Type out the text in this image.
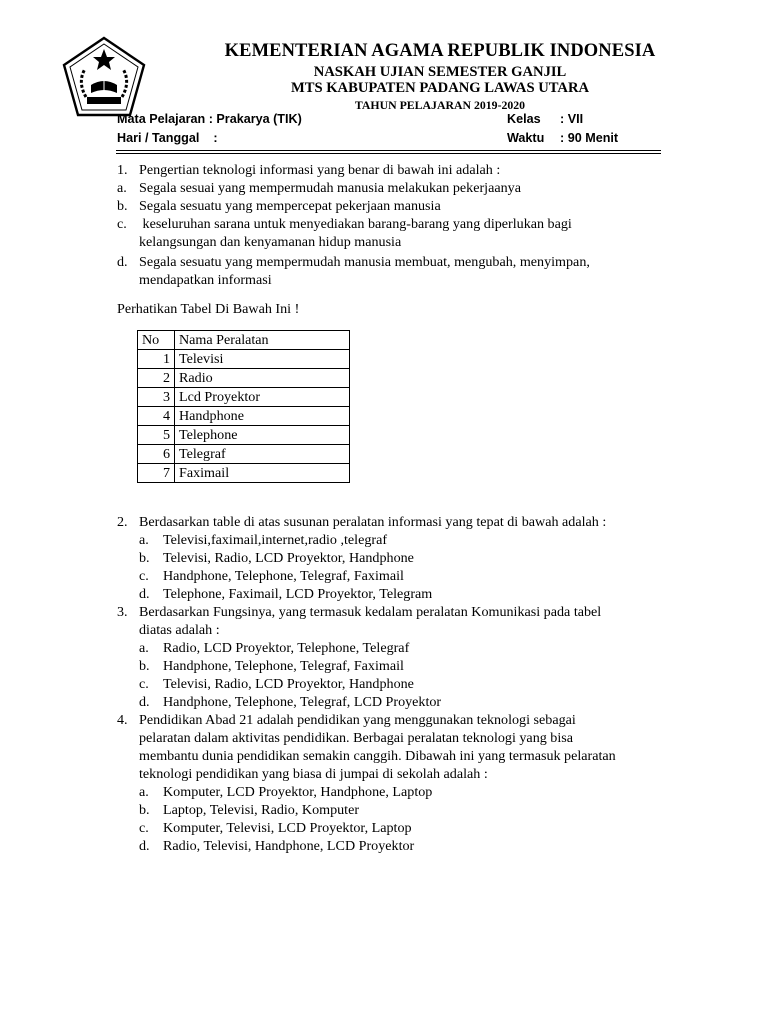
KEMENTERIAN AGAMA REPUBLIK INDONESIA
NASKAH UJIAN SEMESTER GANJIL
MTS KABUPATEN PADANG LAWAS UTARA
TAHUN PELAJARAN 2019-2020
Mata Pelajaran : Prakarya (TIK)
Hari / Tanggal    :
Kelas : VII
Waktu : 90 Menit
1. Pengertian teknologi informasi yang benar di bawah ini adalah :
a. Segala sesuai yang mempermudah manusia melakukan pekerjaanya
b. Segala sesuatu yang mempercepat pekerjaan manusia
c. keseluruhan sarana untuk menyediakan barang-barang yang diperlukan bagi
kelangsungan dan kenyamanan hidup manusia
d. Segala sesuatu yang mempermudah manusia membuat, mengubah, menyimpan,
mendapatkan informasi
Perhatikan Tabel Di Bawah Ini !
No	Nama Peralatan
1	Televisi
2	Radio
3	Lcd Proyektor
4	Handphone
5	Telephone
6	Telegraf
7	Faximail
2. Berdasarkan table di atas susunan peralatan informasi yang tepat di bawah adalah :
a. Televisi,faximail,internet,radio ,telegraf
b. Televisi, Radio, LCD Proyektor, Handphone
c. Handphone, Telephone, Telegraf, Faximail
d. Telephone, Faximail, LCD Proyektor, Telegram
3. Berdasarkan Fungsinya, yang termasuk kedalam peralatan Komunikasi pada tabel
diatas adalah :
a. Radio, LCD Proyektor, Telephone, Telegraf
b. Handphone, Telephone, Telegraf, Faximail
c. Televisi, Radio, LCD Proyektor, Handphone
d. Handphone, Telephone, Telegraf, LCD Proyektor
4. Pendidikan Abad 21 adalah pendidikan yang menggunakan teknologi sebagai
pelaratan dalam aktivitas pendidikan. Berbagai peralatan teknologi yang bisa
membantu dunia pendidikan semakin canggih. Dibawah ini yang termasuk pelaratan
teknologi pendidikan yang biasa di jumpai di sekolah adalah :
a. Komputer, LCD Proyektor, Handphone, Laptop
b. Laptop, Televisi, Radio, Komputer
c. Komputer, Televisi, LCD Proyektor, Laptop
d. Radio, Televisi, Handphone, LCD Proyektor
